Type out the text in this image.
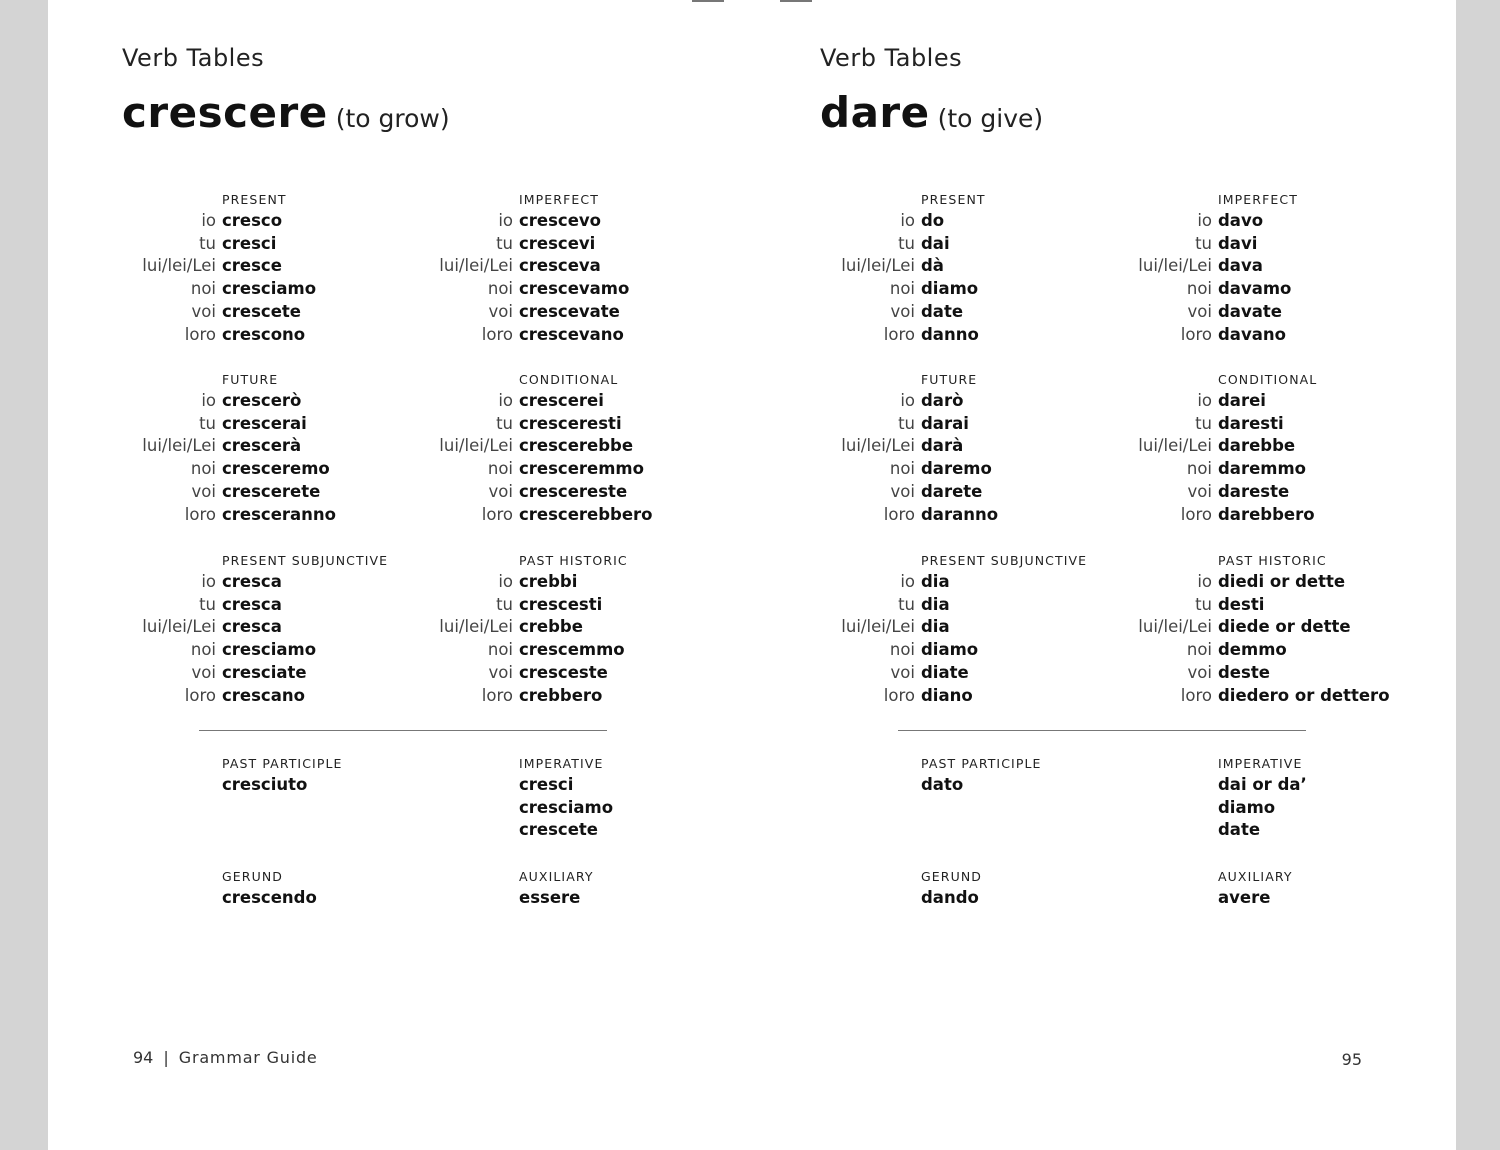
Verb Tables
crescere (to grow)
PRESENT
io cresco
tu cresci
lui/lei/Lei cresce
noi cresciamo
voi crescete
loro crescono
IMPERFECT
io crescevo
tu crescevi
lui/lei/Lei cresceva
noi crescevamo
voi crescevate
loro crescevano
FUTURE
io crescerò
tu crescerai
lui/lei/Lei crescerà
noi cresceremo
voi crescerete
loro cresceranno
CONDITIONAL
io crescerei
tu cresceresti
lui/lei/Lei crescerebbe
noi cresceremmo
voi crescereste
loro crescerebbero
PRESENT SUBJUNCTIVE
io cresca
tu cresca
lui/lei/Lei cresca
noi cresciamo
voi cresciate
loro crescano
PAST HISTORIC
io crebbi
tu crescesti
lui/lei/Lei crebbe
noi crescemmo
voi cresceste
loro crebbero
PAST PARTICIPLE
cresciuto
IMPERATIVE
cresci
cresciamo
crescete
GERUND
crescendo
AUXILIARY
essere
94 | Grammar Guide
Verb Tables
dare (to give)
PRESENT
io do
tu dai
lui/lei/Lei dà
noi diamo
voi date
loro danno
IMPERFECT
io davo
tu davi
lui/lei/Lei dava
noi davamo
voi davate
loro davano
FUTURE
io darò
tu darai
lui/lei/Lei darà
noi daremo
voi darete
loro daranno
CONDITIONAL
io darei
tu daresti
lui/lei/Lei darebbe
noi daremmo
voi dareste
loro darebbero
PRESENT SUBJUNCTIVE
io dia
tu dia
lui/lei/Lei dia
noi diamo
voi diate
loro diano
PAST HISTORIC
io diedi or dette
tu desti
lui/lei/Lei diede or dette
noi demmo
voi deste
loro diedero or dettero
PAST PARTICIPLE
dato
IMPERATIVE
dai or da’
diamo
date
GERUND
dando
AUXILIARY
avere
95
